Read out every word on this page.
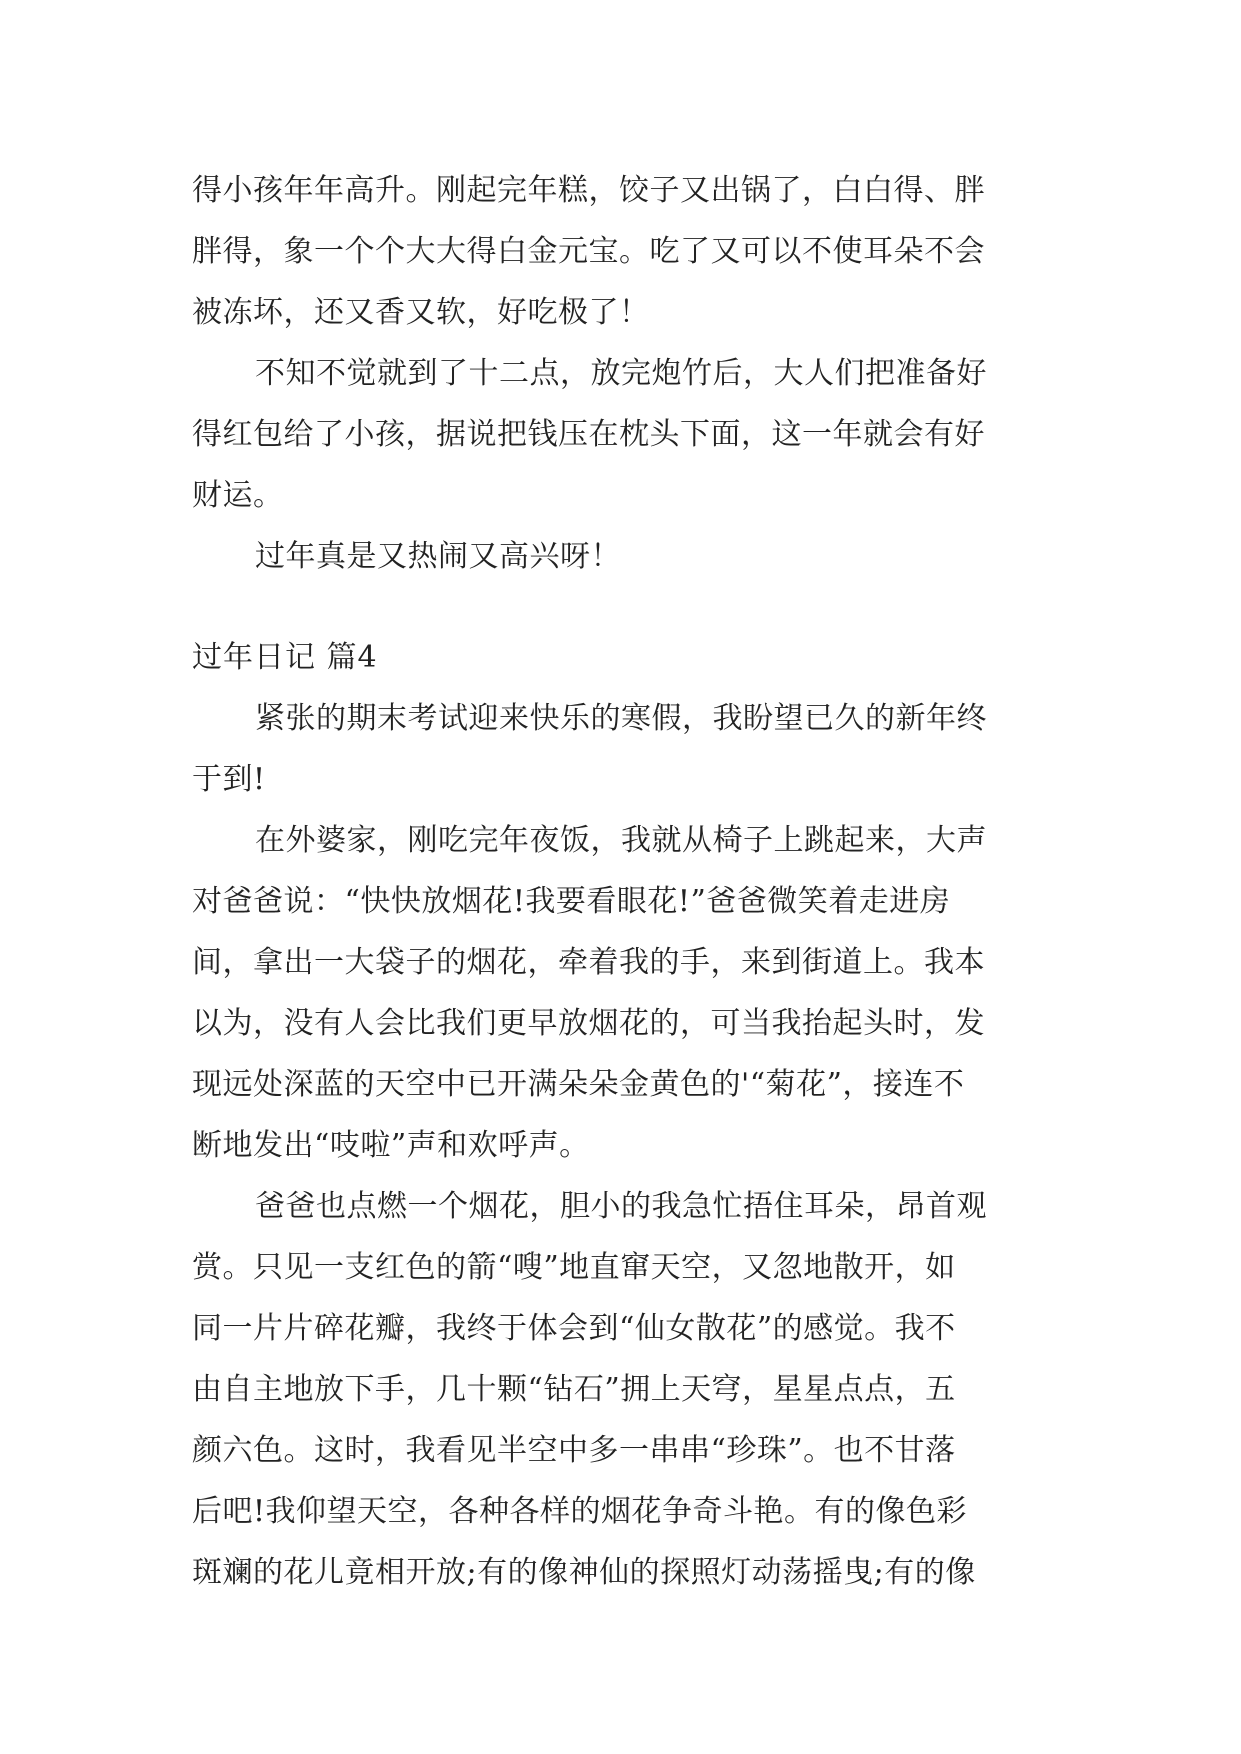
得小孩年年高升。刚起完年糕，饺子又出锅了，白白得、胖
胖得，象一个个大大得白金元宝。吃了又可以不使耳朵不会
被冻坏，还又香又软，好吃极了！
不知不觉就到了十二点，放完炮竹后，大人们把准备好
得红包给了小孩，据说把钱压在枕头下面，这一年就会有好
财运。
过年真是又热闹又高兴呀！
过年日记 篇4
紧张的期末考试迎来快乐的寒假，我盼望已久的新年终
于到!
在外婆家，刚吃完年夜饭，我就从椅子上跳起来，大声
对爸爸说：“快快放烟花!我要看眼花!”爸爸微笑着走进房
间，拿出一大袋子的烟花，牵着我的手，来到街道上。我本
以为，没有人会比我们更早放烟花的，可当我抬起头时，发
现远处深蓝的天空中已开满朵朵金黄色的'“菊花”，接连不
断地发出“吱啦”声和欢呼声。
爸爸也点燃一个烟花，胆小的我急忙捂住耳朵，昂首观
赏。只见一支红色的箭“嗖”地直窜天空，又忽地散开，如
同一片片碎花瓣，我终于体会到“仙女散花”的感觉。我不
由自主地放下手，几十颗“钻石”拥上天穹，星星点点，五
颜六色。这时，我看见半空中多一串串“珍珠”。也不甘落
后吧!我仰望天空，各种各样的烟花争奇斗艳。有的像色彩
斑斓的花儿竟相开放;有的像神仙的探照灯动荡摇曳;有的像
